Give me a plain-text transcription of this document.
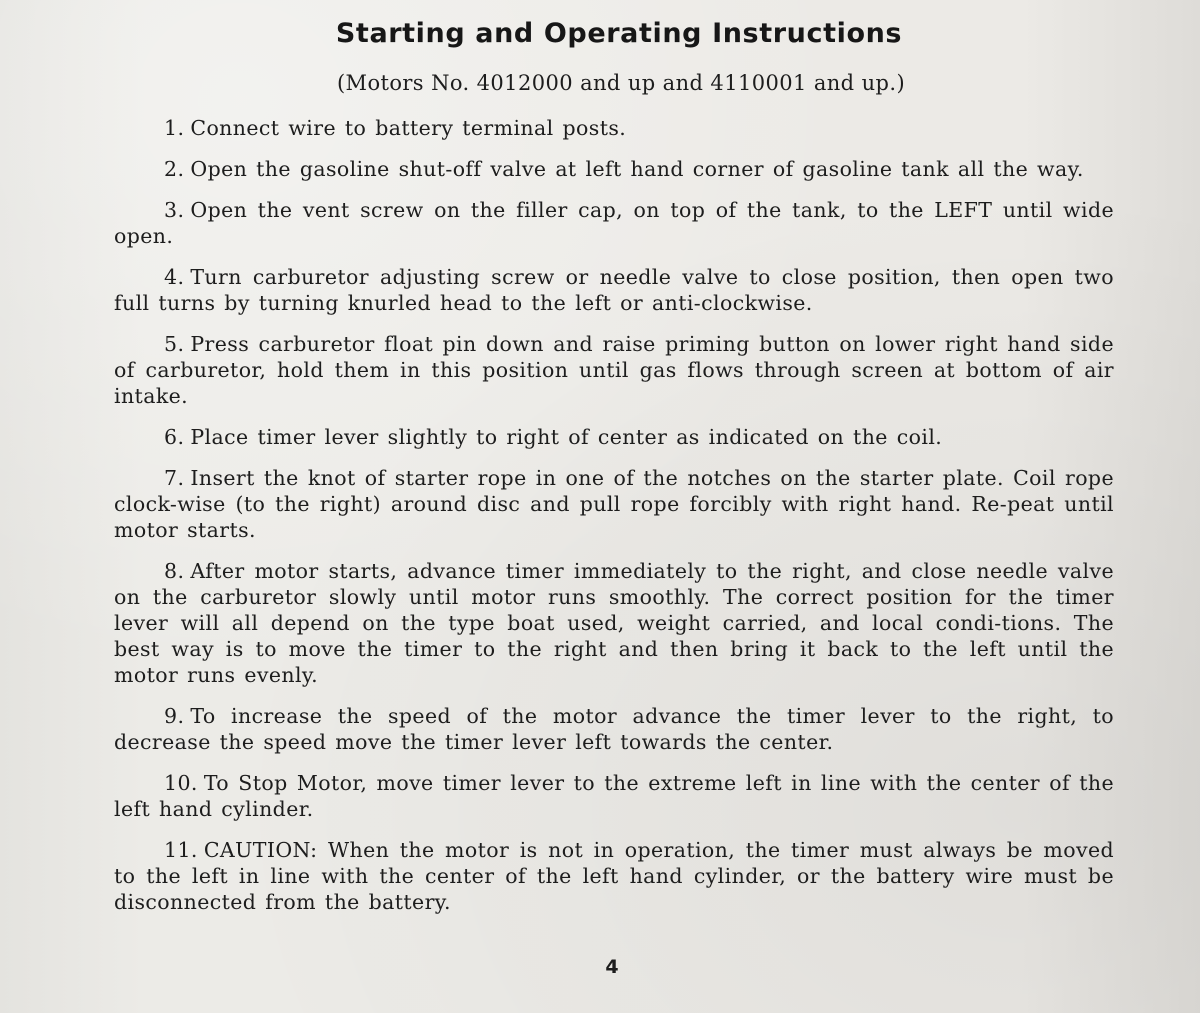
Starting and Operating Instructions
(Motors No. 4012000 and up and 4110001 and up.)
1. Connect wire to battery terminal posts.
2. Open the gasoline shut-off valve at left hand corner of gasoline tank all the way.
3. Open the vent screw on the filler cap, on top of the tank, to the LEFT until wide open.
4. Turn carburetor adjusting screw or needle valve to close position, then open two full turns by turning knurled head to the left or anti-clockwise.
5. Press carburetor float pin down and raise priming button on lower right hand side of carburetor, hold them in this position until gas flows through screen at bottom of air intake.
6. Place timer lever slightly to right of center as indicated on the coil.
7. Insert the knot of starter rope in one of the notches on the starter plate. Coil rope clock-wise (to the right) around disc and pull rope forcibly with right hand. Re-peat until motor starts.
8. After motor starts, advance timer immediately to the right, and close needle valve on the carburetor slowly until motor runs smoothly. The correct position for the timer lever will all depend on the type boat used, weight carried, and local condi-tions. The best way is to move the timer to the right and then bring it back to the left until the motor runs evenly.
9. To increase the speed of the motor advance the timer lever to the right, to decrease the speed move the timer lever left towards the center.
10. To Stop Motor, move timer lever to the extreme left in line with the center of the left hand cylinder.
11. CAUTION: When the motor is not in operation, the timer must always be moved to the left in line with the center of the left hand cylinder, or the battery wire must be disconnected from the battery.
4
